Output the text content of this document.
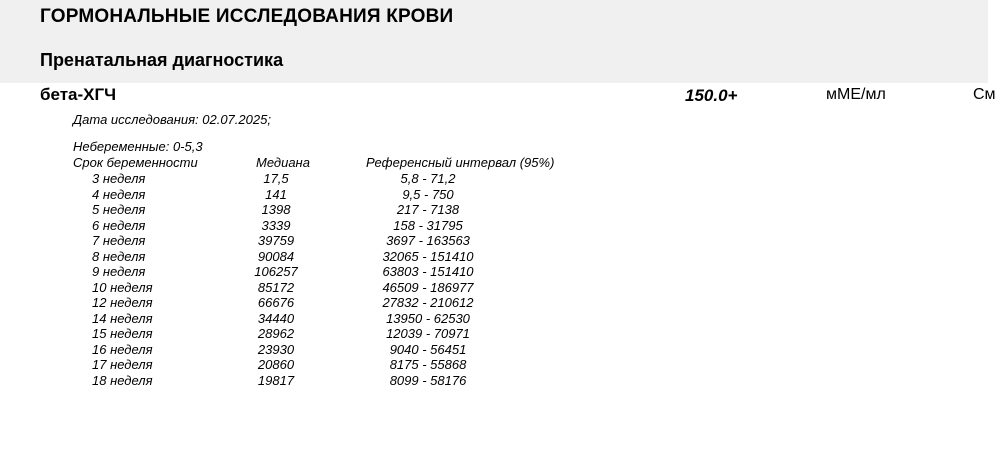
ГОРМОНАЛЬНЫЕ ИССЛЕДОВАНИЯ КРОВИ
Пренатальная диагностика
бета-ХГЧ	150.0+	мМЕ/мл	См
Дата исследования: 02.07.2025;
Небеременные: 0-5,3
Срок беременности	Медиана	Референсный интервал (95%)
3 неделя	17,5	5,8 - 71,2
4 неделя	141	9,5 - 750
5 неделя	1398	217 - 7138
6 неделя	3339	158 - 31795
7 неделя	39759	3697 - 163563
8 неделя	90084	32065 - 151410
9 неделя	106257	63803 - 151410
10 неделя	85172	46509 - 186977
12 неделя	66676	27832 - 210612
14 неделя	34440	13950 - 62530
15 неделя	28962	12039 - 70971
16 неделя	23930	9040 - 56451
17 неделя	20860	8175 - 55868
18 неделя	19817	8099 - 58176
